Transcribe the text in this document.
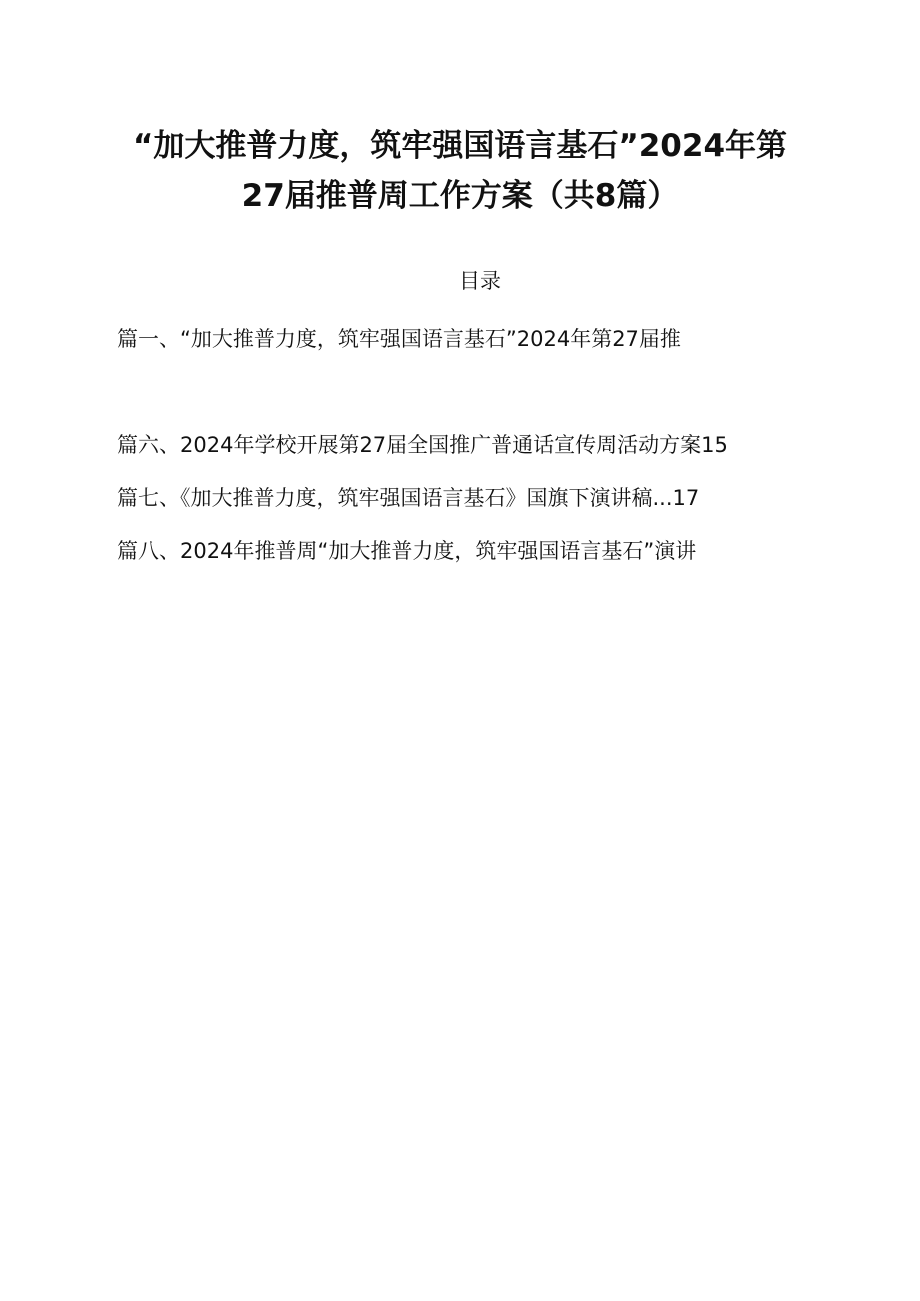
“加大推普力度，筑牢强国语言基石”2024年第
27届推普周工作方案（共8篇）
目录
篇一、“加大推普力度，筑牢强国语言基石”2024年第27届推
篇六、2024年学校开展第27届全国推广普通话宣传周活动方案15
篇七、《加大推普力度，筑牢强国语言基石》国旗下演讲稿...17
篇八、2024年推普周“加大推普力度，筑牢强国语言基石”演讲
